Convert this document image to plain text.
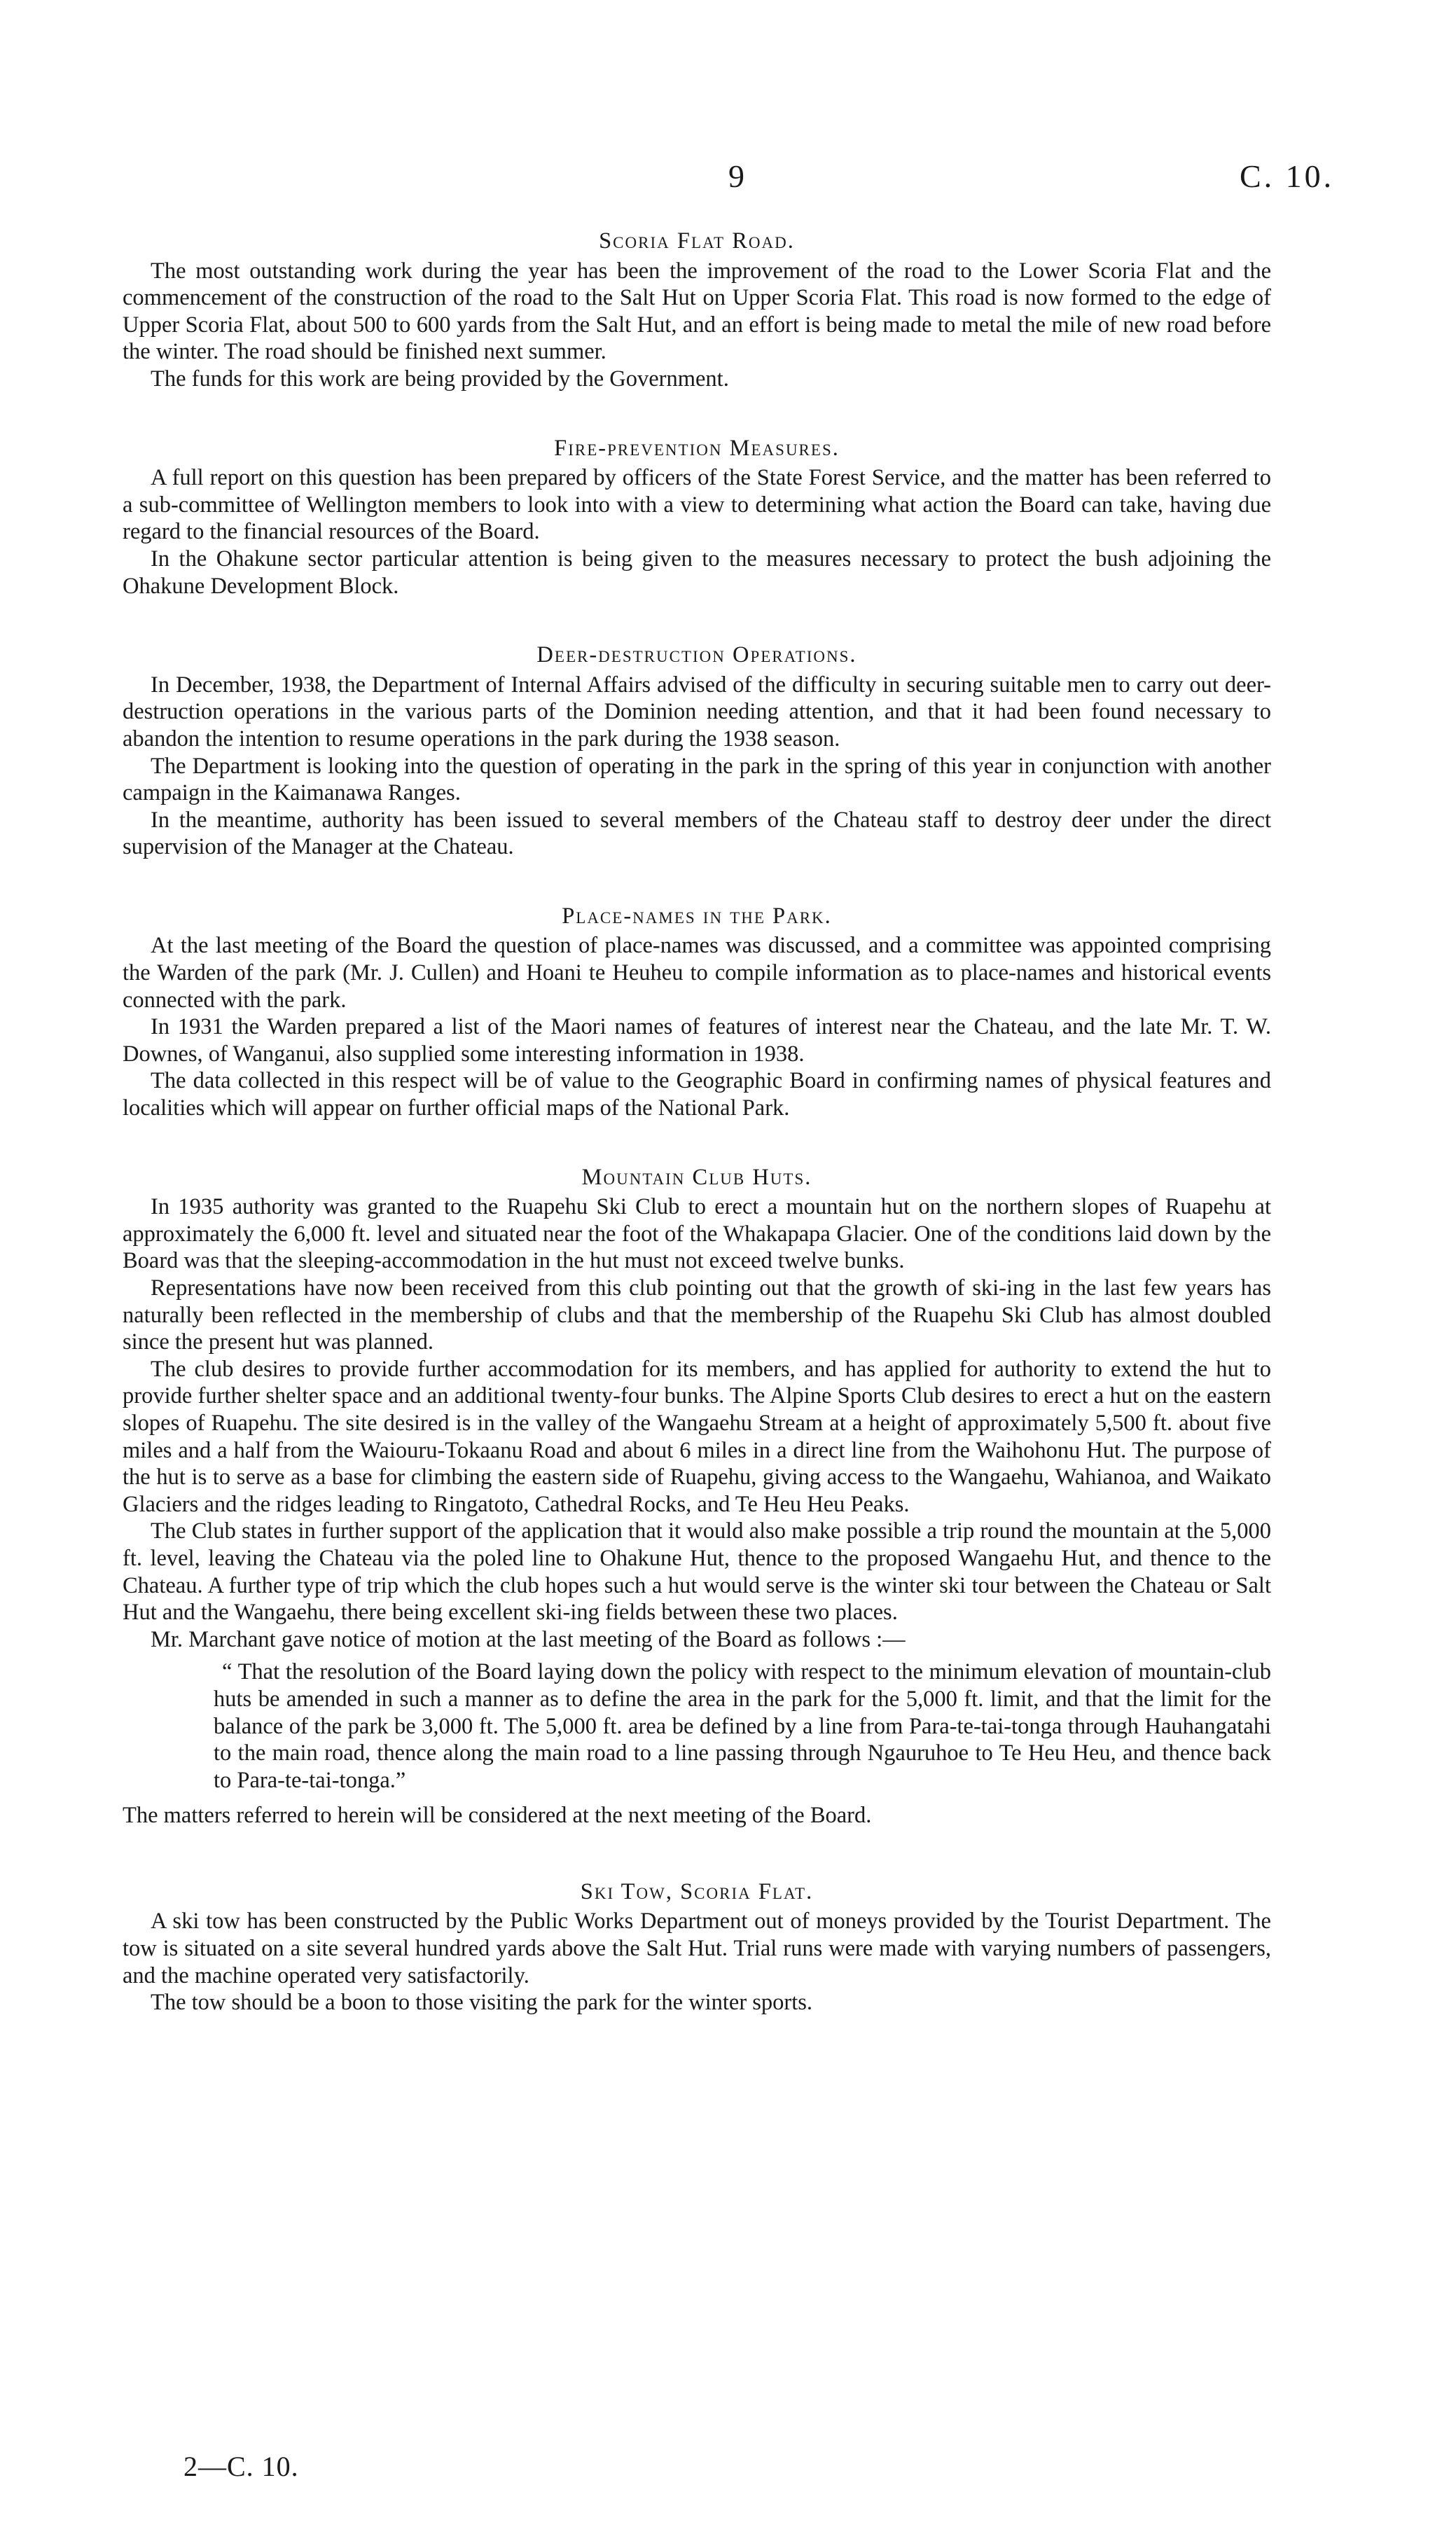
9	C. 10.
Scoria Flat Road.

The most outstanding work during the year has been the improvement of the road to the Lower Scoria Flat and the commencement of the construction of the road to the Salt Hut on Upper Scoria Flat. This road is now formed to the edge of Upper Scoria Flat, about 500 to 600 yards from the Salt Hut, and an effort is being made to metal the mile of new road before the winter. The road should be finished next summer.

The funds for this work are being provided by the Government.

Fire-prevention Measures.

A full report on this question has been prepared by officers of the State Forest Service, and the matter has been referred to a sub-committee of Wellington members to look into with a view to determining what action the Board can take, having due regard to the financial resources of the Board.

In the Ohakune sector particular attention is being given to the measures necessary to protect the bush adjoining the Ohakune Development Block.

Deer-destruction Operations.

In December, 1938, the Department of Internal Affairs advised of the difficulty in securing suitable men to carry out deer-destruction operations in the various parts of the Dominion needing attention, and that it had been found necessary to abandon the intention to resume operations in the park during the 1938 season.

The Department is looking into the question of operating in the park in the spring of this year in conjunction with another campaign in the Kaimanawa Ranges.

In the meantime, authority has been issued to several members of the Chateau staff to destroy deer under the direct supervision of the Manager at the Chateau.

Place-names in the Park.

At the last meeting of the Board the question of place-names was discussed, and a committee was appointed comprising the Warden of the park (Mr. J. Cullen) and Hoani te Heuheu to compile information as to place-names and historical events connected with the park.

In 1931 the Warden prepared a list of the Maori names of features of interest near the Chateau, and the late Mr. T. W. Downes, of Wanganui, also supplied some interesting information in 1938.

The data collected in this respect will be of value to the Geographic Board in confirming names of physical features and localities which will appear on further official maps of the National Park.

Mountain Club Huts.

In 1935 authority was granted to the Ruapehu Ski Club to erect a mountain hut on the northern slopes of Ruapehu at approximately the 6,000 ft. level and situated near the foot of the Whakapapa Glacier. One of the conditions laid down by the Board was that the sleeping-accommodation in the hut must not exceed twelve bunks.

Representations have now been received from this club pointing out that the growth of ski-ing in the last few years has naturally been reflected in the membership of clubs and that the membership of the Ruapehu Ski Club has almost doubled since the present hut was planned.

The club desires to provide further accommodation for its members, and has applied for authority to extend the hut to provide further shelter space and an additional twenty-four bunks. The Alpine Sports Club desires to erect a hut on the eastern slopes of Ruapehu. The site desired is in the valley of the Wangaehu Stream at a height of approximately 5,500 ft. about five miles and a half from the Waiouru-Tokaanu Road and about 6 miles in a direct line from the Waihohonu Hut. The purpose of the hut is to serve as a base for climbing the eastern side of Ruapehu, giving access to the Wangaehu, Wahianoa, and Waikato Glaciers and the ridges leading to Ringatoto, Cathedral Rocks, and Te Heu Heu Peaks.

The Club states in further support of the application that it would also make possible a trip round the mountain at the 5,000 ft. level, leaving the Chateau via the poled line to Ohakune Hut, thence to the proposed Wangaehu Hut, and thence to the Chateau. A further type of trip which the club hopes such a hut would serve is the winter ski tour between the Chateau or Salt Hut and the Wangaehu, there being excellent ski-ing fields between these two places.

Mr. Marchant gave notice of motion at the last meeting of the Board as follows :—

“ That the resolution of the Board laying down the policy with respect to the minimum elevation of mountain-club huts be amended in such a manner as to define the area in the park for the 5,000 ft. limit, and that the limit for the balance of the park be 3,000 ft. The 5,000 ft. area be defined by a line from Para-te-tai-tonga through Hauhangatahi to the main road, thence along the main road to a line passing through Ngauruhoe to Te Heu Heu, and thence back to Para-te-tai-tonga.”
The matters referred to herein will be considered at the next meeting of the Board.
Ski Tow, Scoria Flat.

A ski tow has been constructed by the Public Works Department out of moneys provided by the Tourist Department. The tow is situated on a site several hundred yards above the Salt Hut. Trial runs were made with varying numbers of passengers, and the machine operated very satisfactorily.

The tow should be a boon to those visiting the park for the winter sports.

2—C. 10.
